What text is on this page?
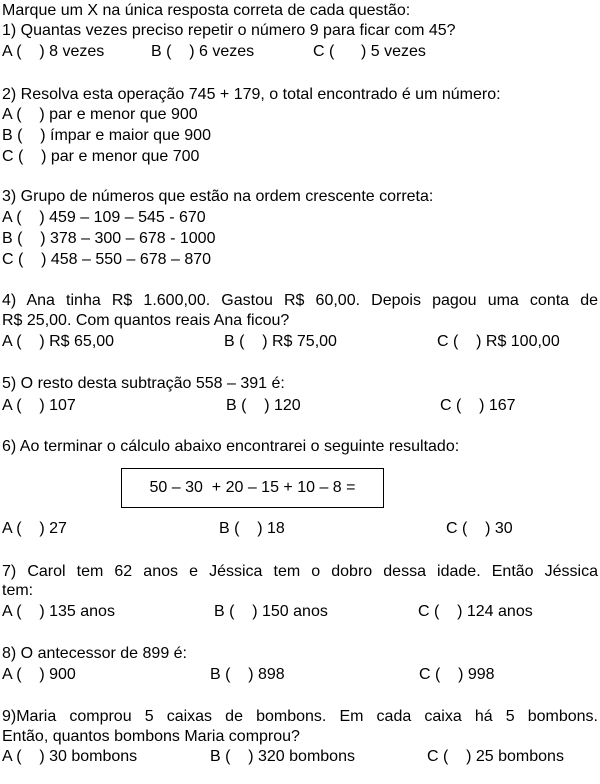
Marque um X na única resposta correta de cada questão:
1) Quantas vezes preciso repetir o número 9 para ficar com 45?
A (    ) 8 vezes	B (    ) 6 vezes	C (      ) 5 vezes
2) Resolva esta operação 745 + 179, o total encontrado é um número:
A (    ) par e menor que 900
B (    ) ímpar e maior que 900
C (    ) par e menor que 700
3) Grupo de números que estão na ordem crescente correta:
A (    ) 459 – 109 – 545 - 670
B (    ) 378 – 300 – 678 - 1000
C (    ) 458 – 550 – 678 – 870
4) Ana tinha R$ 1.600,00. Gastou R$ 60,00. Depois pagou uma conta de
R$ 25,00. Com quantos reais Ana ficou?
A (    ) R$ 65,00	B (    ) R$ 75,00	C (    ) R$ 100,00
5) O resto desta subtração 558 – 391 é:
A (    ) 107	B (    ) 120	C (    ) 167
6) Ao terminar o cálculo abaixo encontrarei o seguinte resultado:
50 – 30  + 20 – 15 + 10 – 8 =
A (    ) 27	B (    ) 18	C (    ) 30
7) Carol tem 62 anos e Jéssica tem o dobro dessa idade. Então Jéssica
tem:
A (    ) 135 anos	B (    ) 150 anos	C (    ) 124 anos
8) O antecessor de 899 é:
A (    ) 900	B (    ) 898	C (    ) 998
9)Maria comprou 5 caixas de bombons. Em cada caixa há 5 bombons.
Então, quantos bombons Maria comprou?
A (    ) 30 bombons	B (    ) 320 bombons	C (    ) 25 bombons
